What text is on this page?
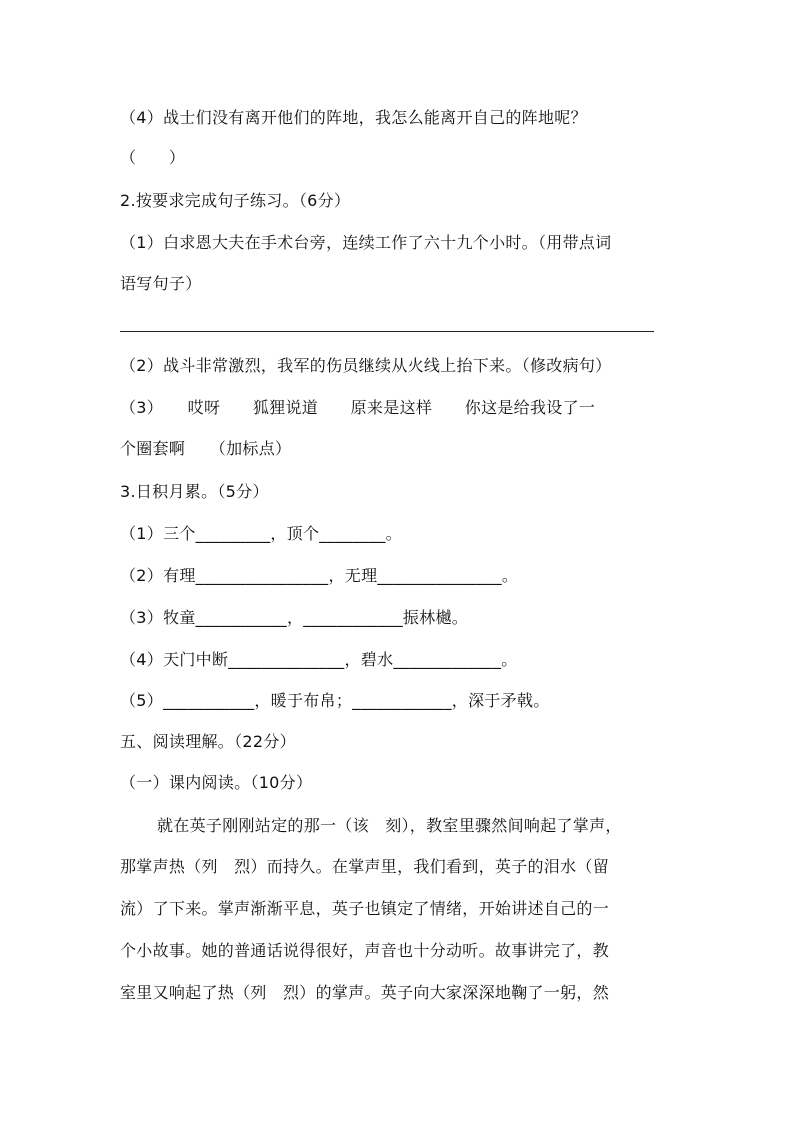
（4）战士们没有离开他们的阵地，我怎么能离开自己的阵地呢？
（　　）
2.按要求完成句子练习。（6分）
（1）白求恩大夫在手术台旁，连续工作了六十九个小时。（用带点词
语写句子）
（2）战斗非常激烈，我军的伤员继续从火线上抬下来。（修改病句）
（3）　　哎呀　　狐狸说道　　原来是这样　　你这是给我设了一
个圈套啊　　（加标点）
3.日积月累。（5分）
（1）三个_________，顶个________。
（2）有理________________，无理_______________。
（3）牧童___________，____________振林樾。
（4）天门中断______________，碧水_____________。
（5）___________，暖于布帛；____________，深于矛戟。
五、阅读理解。（22分）
（一）课内阅读。（10分）
就在英子刚刚站定的那一（该　刻），教室里骤然间响起了掌声，
那掌声热（列　烈）而持久。在掌声里，我们看到，英子的泪水（留
流）了下来。掌声渐渐平息，英子也镇定了情绪，开始讲述自己的一
个小故事。她的普通话说得很好，声音也十分动听。故事讲完了，教
室里又响起了热（列　烈）的掌声。英子向大家深深地鞠了一躬，然
